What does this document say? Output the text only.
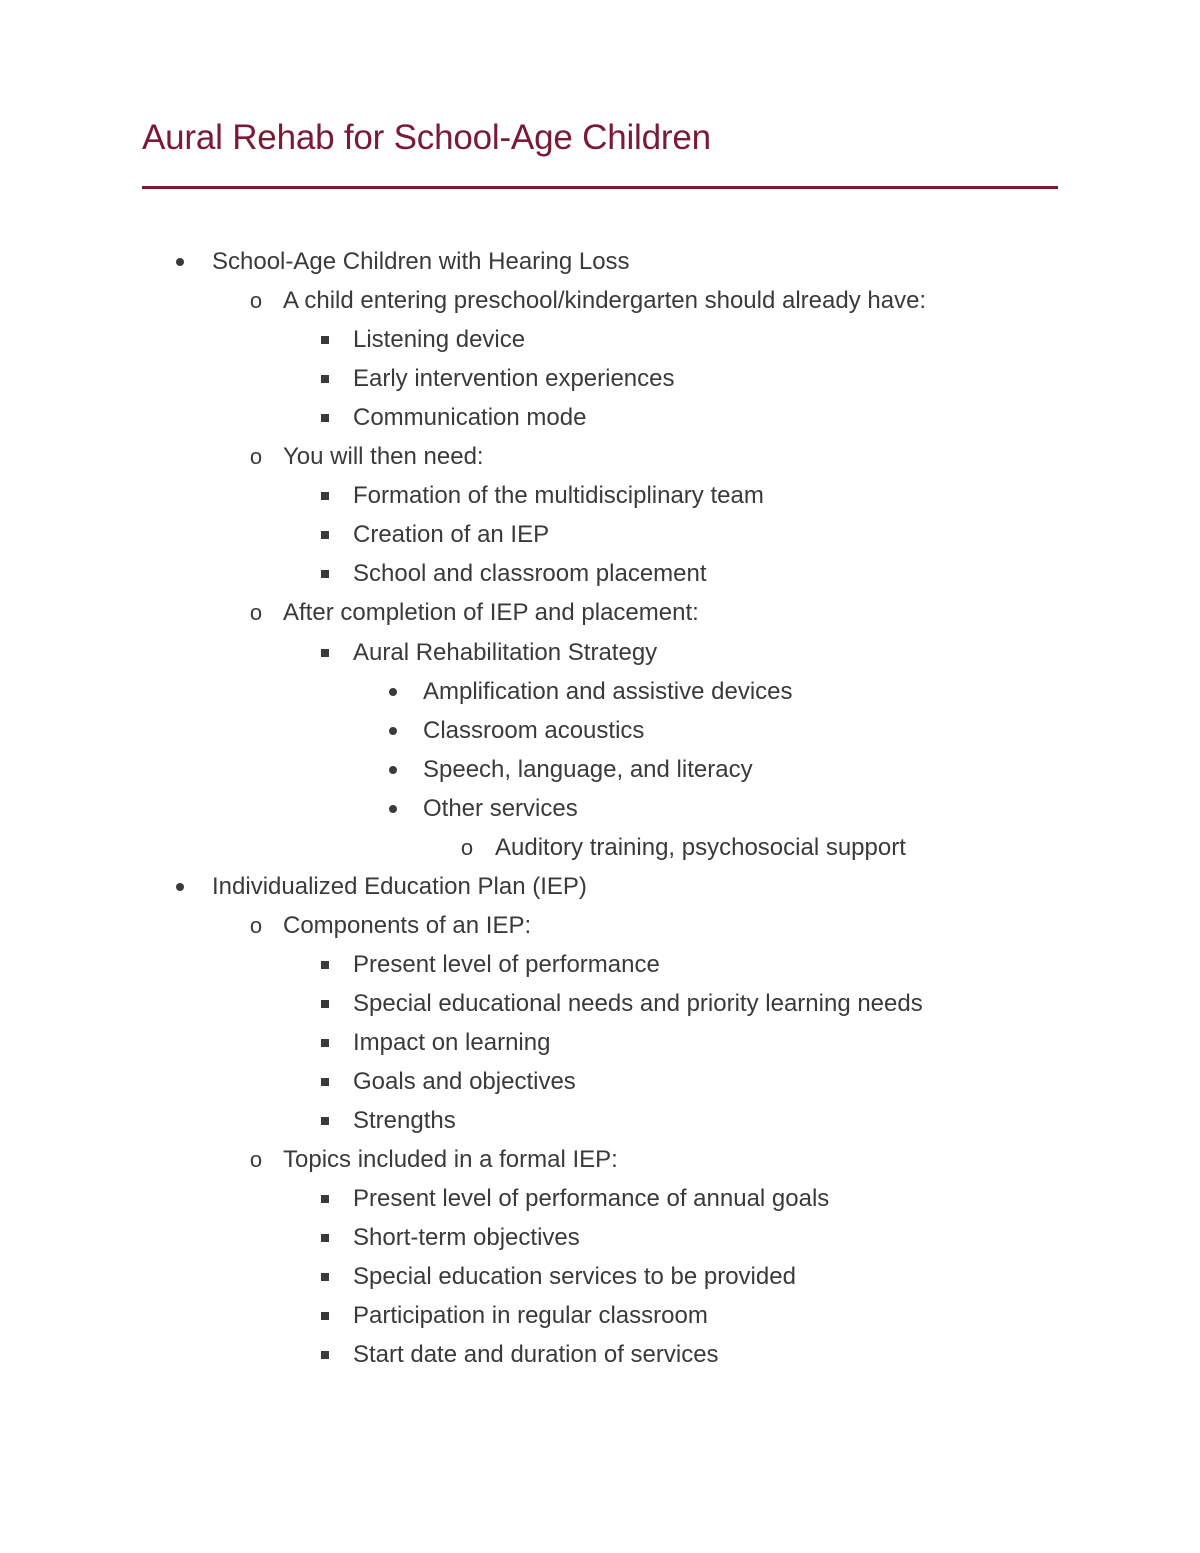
Aural Rehab for School-Age Children
School-Age Children with Hearing Loss
o A child entering preschool/kindergarten should already have:
Listening device
Early intervention experiences
Communication mode
o You will then need:
Formation of the multidisciplinary team
Creation of an IEP
School and classroom placement
o After completion of IEP and placement:
Aural Rehabilitation Strategy
Amplification and assistive devices
Classroom acoustics
Speech, language, and literacy
Other services
o Auditory training, psychosocial support
Individualized Education Plan (IEP)
o Components of an IEP:
Present level of performance
Special educational needs and priority learning needs
Impact on learning
Goals and objectives
Strengths
o Topics included in a formal IEP:
Present level of performance of annual goals
Short-term objectives
Special education services to be provided
Participation in regular classroom
Start date and duration of services
